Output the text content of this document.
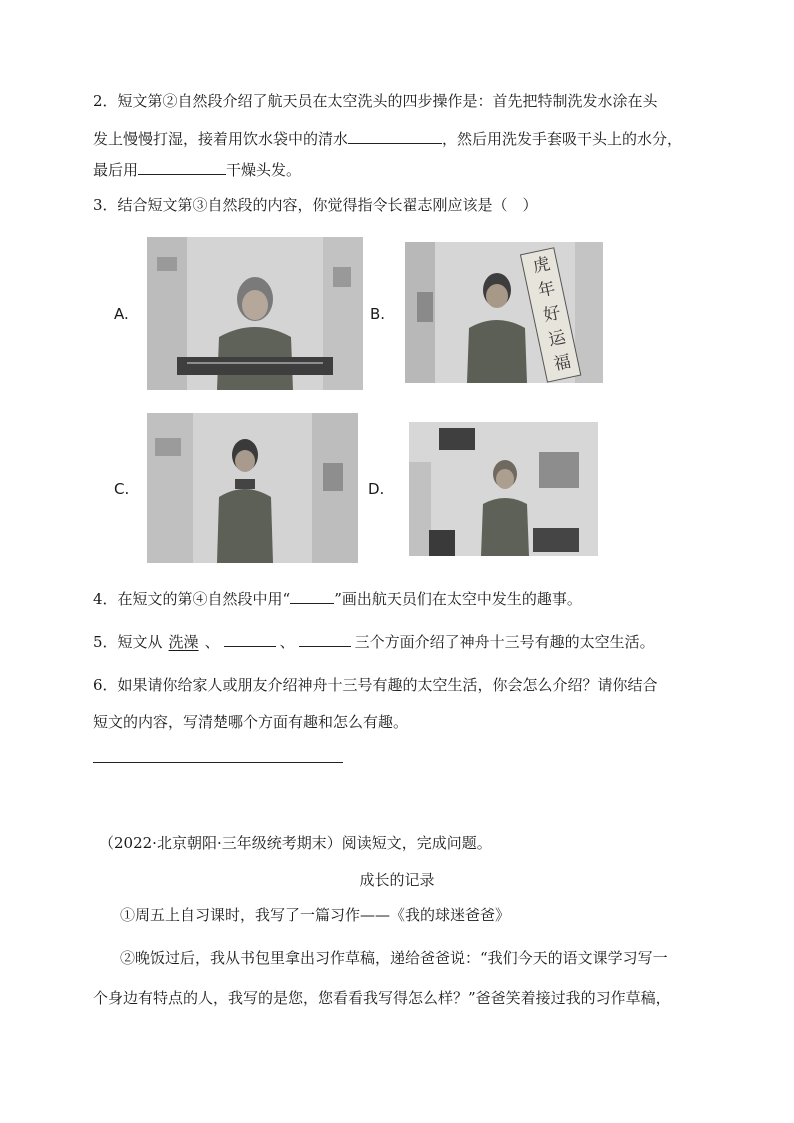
2．短文第②自然段介绍了航天员在太空洗头的四步操作是：首先把特制洗发水涂在头
发上慢慢打湿，接着用饮水袋中的清水	，然后用洗发手套吸干头上的水分，
最后用	干燥头发。
3．结合短文第③自然段的内容，你觉得指令长翟志刚应该是（　）
A.	B.
虎年好运福
C.	D.
4．在短文的第④自然段中用“	”画出航天员们在太空中发生的趣事。
5．短文从 洗澡 、	、	三个方面介绍了神舟十三号有趣的太空生活。
6．如果请你给家人或朋友介绍神舟十三号有趣的太空生活，你会怎么介绍？请你结合
短文的内容，写清楚哪个方面有趣和怎么有趣。
（2022·北京朝阳·三年级统考期末）阅读短文，完成问题。
成长的记录
①周五上自习课时，我写了一篇习作——《我的球迷爸爸》
②晚饭过后，我从书包里拿出习作草稿，递给爸爸说：“我们今天的语文课学习写一
个身边有特点的人，我写的是您，您看看我写得怎么样？”爸爸笑着接过我的习作草稿，
